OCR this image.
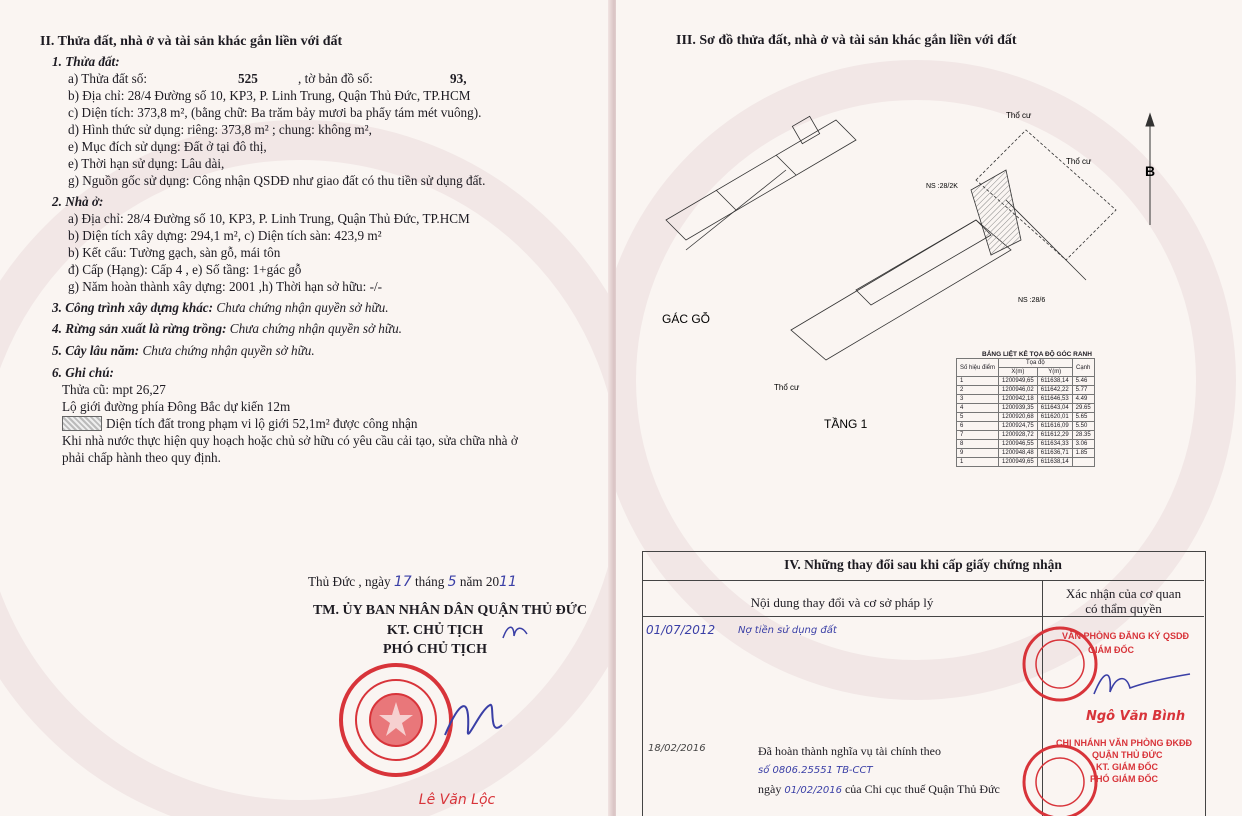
II. Thửa đất, nhà ở và tài sản khác gắn liền với đất
1. Thửa đất:
a) Thửa đất số:	525	, tờ bản đồ số:	93,
b) Địa chỉ: 28/4 Đường số 10, KP3, P. Linh Trung, Quận Thủ Đức, TP.HCM
c) Diện tích: 373,8 m², (bằng chữ: Ba trăm bảy mươi ba phẩy tám mét vuông).
d) Hình thức sử dụng: riêng: 373,8 m² ; chung: không m²,
e) Mục đích sử dụng: Đất ở tại đô thị,
e) Thời hạn sử dụng: Lâu dài,
g) Nguồn gốc sử dụng: Công nhận QSDĐ như giao đất có thu tiền sử dụng đất.
2. Nhà ở:
a) Địa chỉ: 28/4 Đường số 10, KP3, P. Linh Trung, Quận Thủ Đức, TP.HCM
b) Diện tích xây dựng: 294,1 m², c) Diện tích sàn: 423,9 m²
b) Kết cấu: Tường gạch, sàn gỗ, mái tôn
đ) Cấp (Hạng): Cấp 4 , e) Số tầng: 1+gác gỗ
g) Năm hoàn thành xây dựng: 2001 ,h) Thời hạn sở hữu: -/-
3. Công trình xây dựng khác: Chưa chứng nhận quyền sở hữu.
4. Rừng sản xuất là rừng trồng: Chưa chứng nhận quyền sở hữu.
5. Cây lâu năm: Chưa chứng nhận quyền sở hữu.
6. Ghi chú:
Thửa cũ: mpt 26,27
Lộ giới đường phía Đông Bắc dự kiến 12m
Diện tích đất trong phạm vi lộ giới 52,1m² được công nhận
Khi nhà nước thực hiện quy hoạch hoặc chủ sở hữu có yêu cầu cải tạo, sửa chữa nhà ở
phải chấp hành theo quy định.
Thủ Đức , ngày 17 tháng 5 năm 2011
TM. ỦY BAN NHÂN DÂN QUẬN THỦ ĐỨC
KT. CHỦ TỊCH
PHÓ CHỦ TỊCH
Lê Văn Lộc
III. Sơ đồ thửa đất, nhà ở và tài sản khác gắn liền với đất
B
Thổ cư
Thổ cư
Thổ cư
NS :28/2K
NS :28/6
GÁC GỖ
TẦNG 1
BẢNG LIỆT KÊ TỌA ĐỘ GÓC RANH
Số hiệu điểm	Tọa độ		Cạnh
	X(m)	Y(m)	
1	1200949,65	611638,14	5.46
2	1200946,02	611642,22	5.77
3	1200942,18	611646,53	4.49
4	1200939,35	611643,04	29.65
5	1200920,68	611620,01	5.65
6	1200924,75	611616,09	5.50
7	1200928,72	611612,29	28.35
8	1200946,55	611634,33	3.06
9	1200948,48	611636,71	1.85
1	1200949,65	611638,14	
IV. Những thay đổi sau khi cấp giấy chứng nhận
Nội dung thay đổi và cơ sở pháp lý
Xác nhận của cơ quan
có thẩm quyền
01/07/2012 Nợ tiền sử dụng đất
18/02/2016	Đã hoàn thành nghĩa vụ tài chính theo
số 0806.25551 TB-CCT
ngày 01/02/2016 của Chi cục thuế Quận Thủ Đức
VĂN PHÒNG ĐĂNG KÝ QSDĐ
GIÁM ĐỐC
Ngô Văn Bình
CHI NHÁNH VĂN PHÒNG ĐKĐĐ
QUẬN THỦ ĐỨC
KT. GIÁM ĐỐC
PHÓ GIÁM ĐỐC
